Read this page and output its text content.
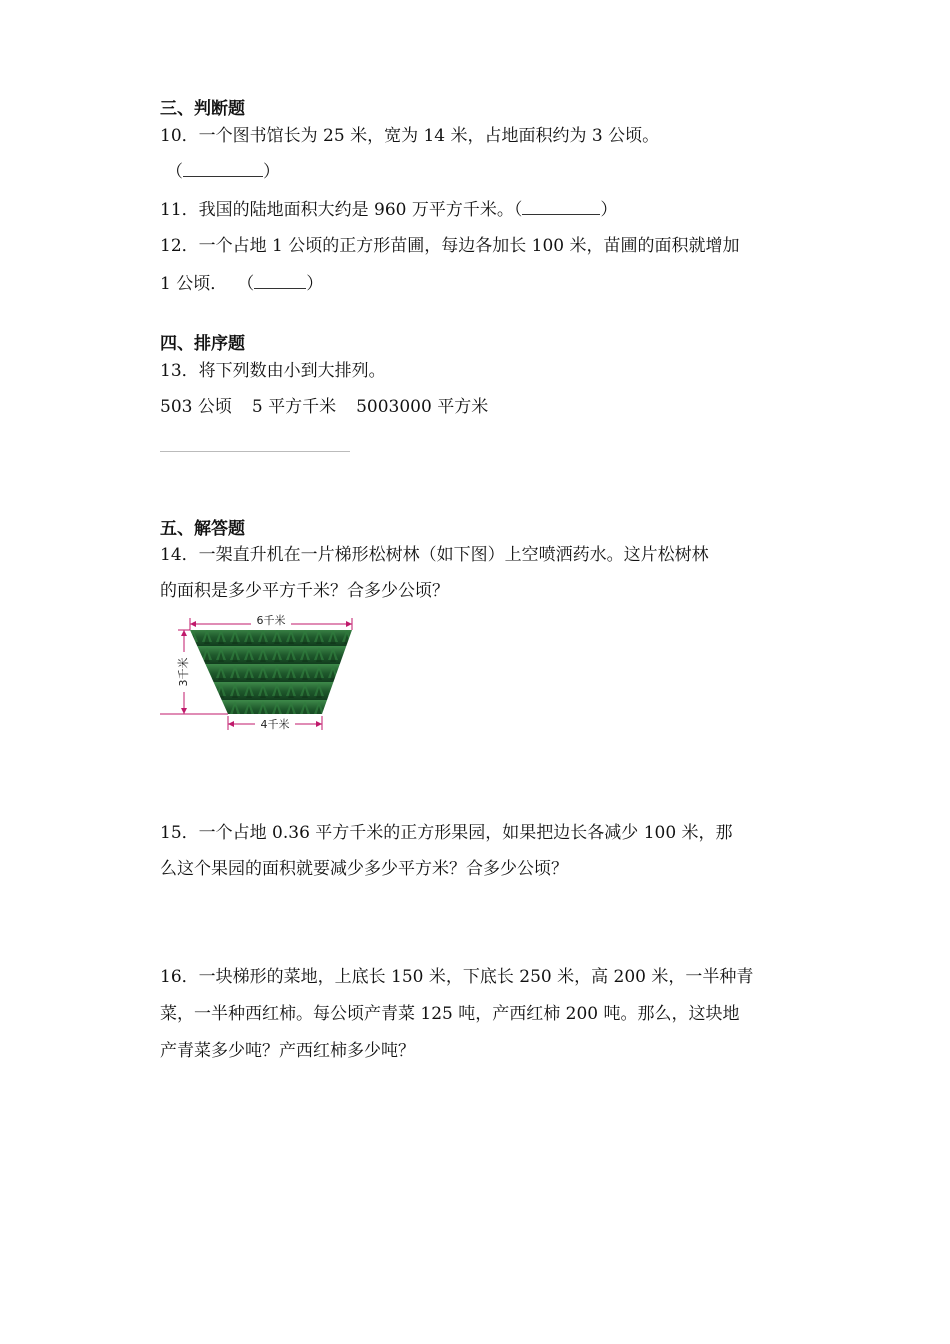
三、判断题
10．一个图书馆长为 25 米，宽为 14 米，占地面积约为 3 公顷。
（	）
11．我国的陆地面积大约是 960 万平方千米。（	）
12．一个占地 1 公顷的正方形苗圃，每边各加长 100 米，苗圃的面积就增加
1 公顷． （	）
四、排序题
13．将下列数由小到大排列。
503 公顷 5 平方千米 5003000 平方米
五、解答题
14．一架直升机在一片梯形松树林（如下图）上空喷洒药水。这片松树林
的面积是多少平方千米？合多少公顷？
6千米
3千米
4千米
15．一个占地 0.36 平方千米的正方形果园，如果把边长各减少 100 米，那
么这个果园的面积就要减少多少平方米？合多少公顷？
16．一块梯形的菜地，上底长 150 米，下底长 250 米，高 200 米，一半种青
菜，一半种西红柿。每公顷产青菜 125 吨，产西红柿 200 吨。那么，这块地
产青菜多少吨？产西红柿多少吨？
